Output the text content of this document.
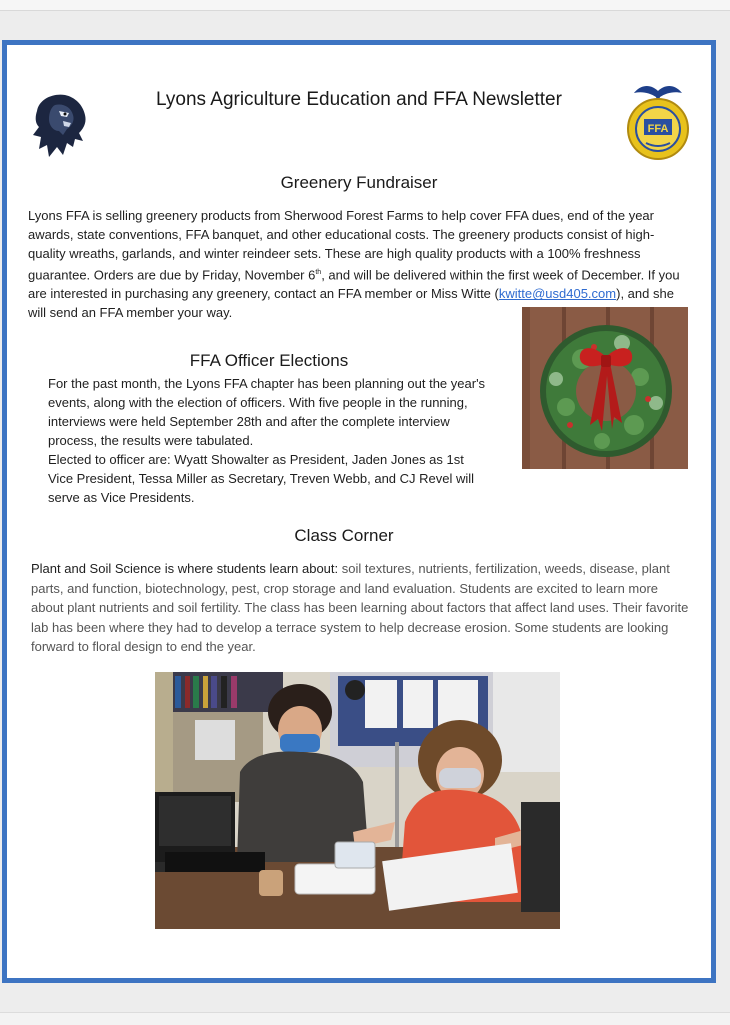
Lyons Agriculture Education and FFA Newsletter
FFA
Greenery Fundraiser
Lyons FFA is selling greenery products from Sherwood Forest Farms to help cover FFA dues, end of the year awards, state conventions, FFA banquet, and other educational costs. The greenery products consist of high-quality wreaths, garlands, and winter reindeer sets. These are high quality products with a 100% freshness guarantee. Orders are due by Friday, November 6th, and will be delivered within the first week of December. If you are interested in purchasing any greenery, contact an FFA member or Miss Witte (kwitte@usd405.com), and she will send an FFA member your way.
FFA Officer Elections

For the past month, the Lyons FFA chapter has been planning out the year's events, along with the election of officers. With five people in the running, interviews were held September 28th and after the complete interview process, the results were tabulated.

Elected to officer are: Wyatt Showalter as President, Jaden Jones as 1st Vice President, Tessa Miller as Secretary, Treven Webb, and CJ Revel will serve as Vice Presidents.

Class Corner
Plant and Soil Science is where students learn about: soil textures, nutrients, fertilization, weeds, disease, plant parts, and function, biotechnology, pest, crop storage and land evaluation. Students are excited to learn more about plant nutrients and soil fertility. The class has been learning about factors that affect land uses. Their favorite lab has been where they had to develop a terrace system to help decrease erosion. Some students are looking forward to floral design to end the year.
